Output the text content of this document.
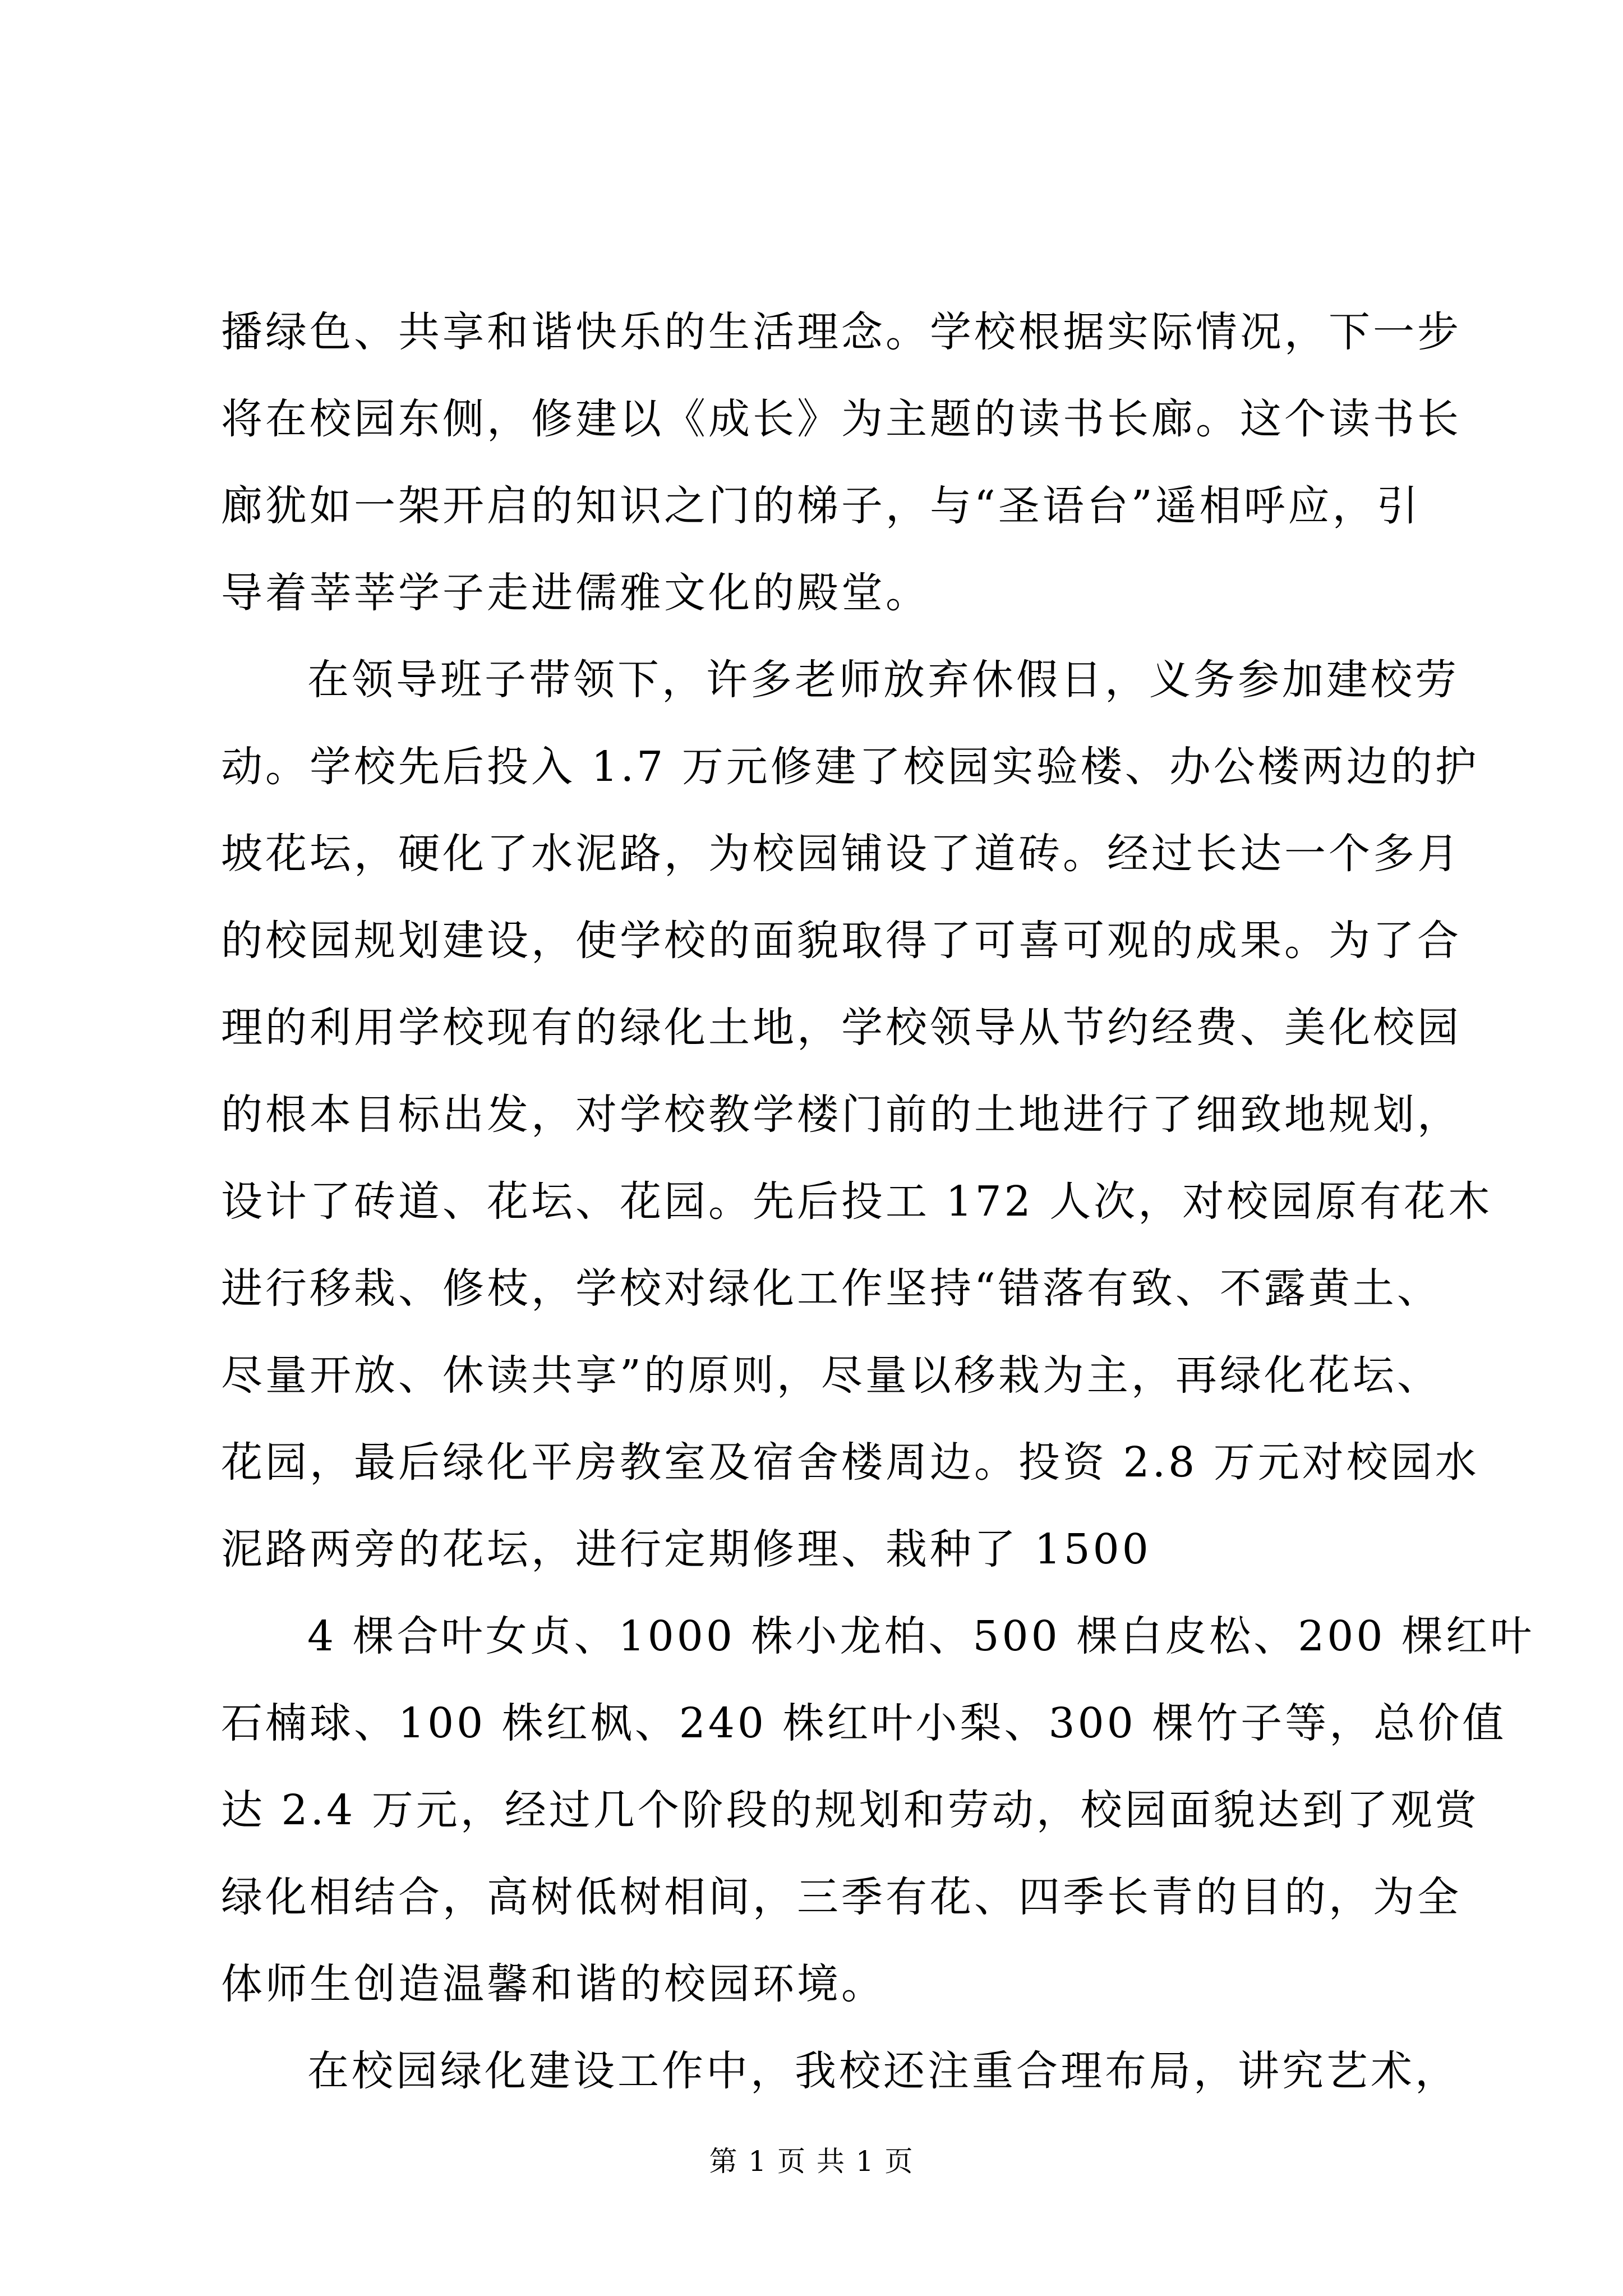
播绿色、共享和谐快乐的生活理念。学校根据实际情况，下一步
将在校园东侧，修建以《成长》为主题的读书长廊。这个读书长
廊犹如一架开启的知识之门的梯子，与“圣语台”遥相呼应，引
导着莘莘学子走进儒雅文化的殿堂。
在领导班子带领下，许多老师放弃休假日，义务参加建校劳
动。学校先后投入 1.7 万元修建了校园实验楼、办公楼两边的护
坡花坛，硬化了水泥路，为校园铺设了道砖。经过长达一个多月
的校园规划建设，使学校的面貌取得了可喜可观的成果。为了合
理的利用学校现有的绿化土地，学校领导从节约经费、美化校园
的根本目标出发，对学校教学楼门前的土地进行了细致地规划，
设计了砖道、花坛、花园。先后投工 172 人次，对校园原有花木
进行移栽、修枝，学校对绿化工作坚持“错落有致、不露黄土、
尽量开放、休读共享”的原则，尽量以移栽为主，再绿化花坛、
花园，最后绿化平房教室及宿舍楼周边。投资 2.8 万元对校园水
泥路两旁的花坛，进行定期修理、栽种了 1500
4 棵合叶女贞、1000 株小龙柏、500 棵白皮松、200 棵红叶
石楠球、100 株红枫、240 株红叶小梨、300 棵竹子等，总价值
达 2.4 万元，经过几个阶段的规划和劳动，校园面貌达到了观赏
绿化相结合，高树低树相间，三季有花、四季长青的目的，为全
体师生创造温馨和谐的校园环境。
在校园绿化建设工作中，我校还注重合理布局，讲究艺术，
第 1 页 共 1 页
